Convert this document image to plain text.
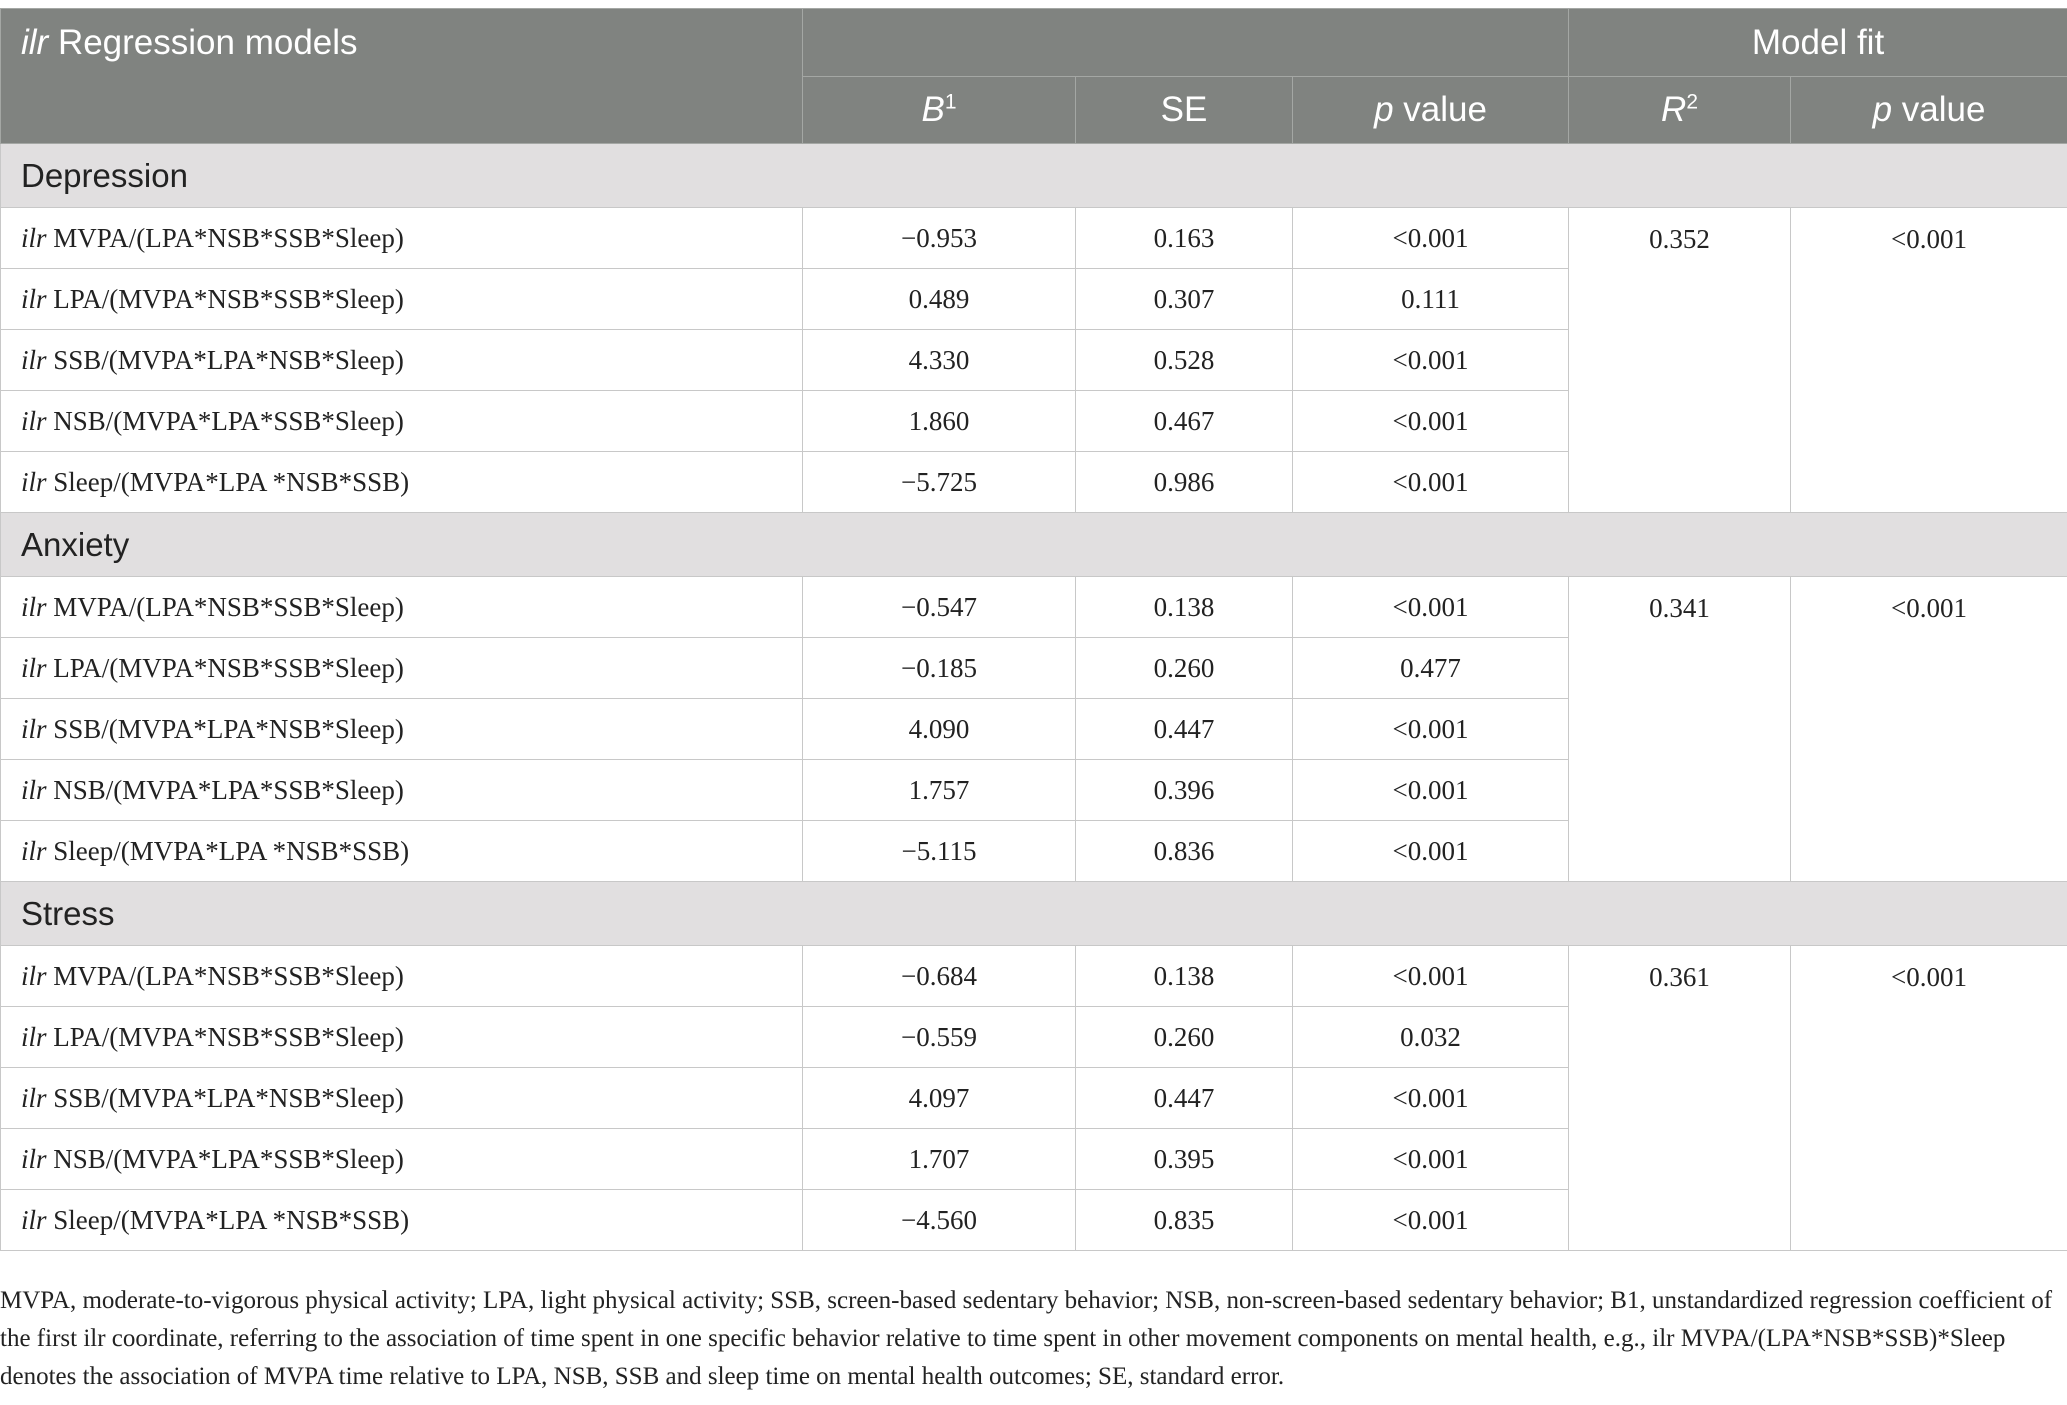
ilr Regression models				Model fit	
	$B^1$	SE	p value	$R^2$	p value
Depression					
ilr MVPA/(LPA*NSB*SSB*Sleep)	−0.953	0.163	<0.001	0.352	<0.001
ilr LPA/(MVPA*NSB*SSB*Sleep)	0.489	0.307	0.111		
ilr SSB/(MVPA*LPA*NSB*Sleep)	4.330	0.528	<0.001		
ilr NSB/(MVPA*LPA*SSB*Sleep)	1.860	0.467	<0.001		
ilr Sleep/(MVPA*LPA *NSB*SSB)	−5.725	0.986	<0.001		
Anxiety					
ilr MVPA/(LPA*NSB*SSB*Sleep)	−0.547	0.138	<0.001	0.341	<0.001
ilr LPA/(MVPA*NSB*SSB*Sleep)	−0.185	0.260	0.477		
ilr SSB/(MVPA*LPA*NSB*Sleep)	4.090	0.447	<0.001		
ilr NSB/(MVPA*LPA*SSB*Sleep)	1.757	0.396	<0.001		
ilr Sleep/(MVPA*LPA *NSB*SSB)	−5.115	0.836	<0.001		
Stress					
ilr MVPA/(LPA*NSB*SSB*Sleep)	−0.684	0.138	<0.001	0.361	<0.001
ilr LPA/(MVPA*NSB*SSB*Sleep)	−0.559	0.260	0.032		
ilr SSB/(MVPA*LPA*NSB*Sleep)	4.097	0.447	<0.001		
ilr NSB/(MVPA*LPA*SSB*Sleep)	1.707	0.395	<0.001		
ilr Sleep/(MVPA*LPA *NSB*SSB)	−4.560	0.835	<0.001		
MVPA, moderate-to-vigorous physical activity; LPA, light physical activity; SSB, screen-based sedentary behavior; NSB, non-screen-based sedentary behavior; B1, unstandardized regression coefficient of the first ilr coordinate, referring to the association of time spent in one specific behavior relative to time spent in other movement components on mental health, e.g., ilr MVPA/(LPA*NSB*SSB)*Sleep denotes the association of MVPA time relative to LPA, NSB, SSB and sleep time on mental health outcomes; SE, standard error.
